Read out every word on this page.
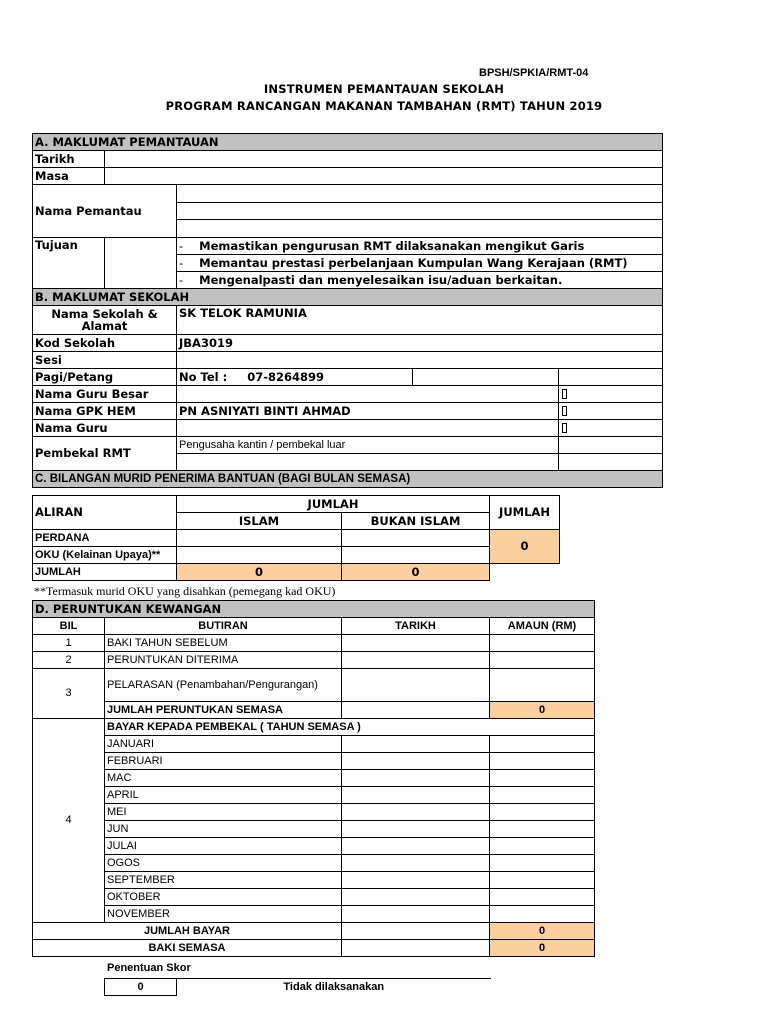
BPSH/SPKIA/RMT-04
INSTRUMEN PEMANTAUAN SEKOLAH
PROGRAM RANCANGAN MAKANAN TAMBAHAN (RMT) TAHUN 2019
A. MAKLUMAT PEMANTAUAN				
Tarikh				
Masa				
Nama Pemantau				

Tujuan		- Memastikan pengurusan RMT dilaksanakan mengikut Garis		
		- Memantau prestasi perbelanjaan Kumpulan Wang Kerajaan (RMT)		
		- Mengenalpasti dan menyelesaikan isu/aduan berkaitan.		
B. MAKLUMAT SEKOLAH				
Nama Sekolah &
Alamat		SK TELOK RAMUNIA		
Kod Sekolah		JBA3019		
Sesi				
Pagi/Petang		No Tel : 07-8264899		
Nama Guru Besar				
Nama GPK HEM		PN ASNIYATI BINTI AHMAD		
Nama Guru				
Pembekal RMT		Pengusaha kantin / pembekal luar		

C. BILANGAN MURID PENERIMA BANTUAN (BAGI BULAN SEMASA)				
ALIRAN	JUMLAH		JUMLAH
	ISLAM	BUKAN ISLAM	
PERDANA			0
OKU (Kelainan Upaya)**			
JUMLAH	0	0	
**Termasuk murid OKU yang disahkan (pemegang kad OKU)
D. PERUNTUKAN KEWANGAN			
BIL	BUTIRAN	TARIKH	AMAUN (RM)
1	BAKI TAHUN SEBELUM		
2	PERUNTUKAN DITERIMA		
3	PELARASAN (Penambahan/Pengurangan)		
	JUMLAH PERUNTUKAN SEMASA		0
4	BAYAR KEPADA PEMBEKAL ( TAHUN SEMASA )		
	JANUARI		
	FEBRUARI		
	MAC		
	APRIL		
	MEI		
	JUN		
	JULAI		
	OGOS		
	SEPTEMBER		
	OKTOBER		
	NOVEMBER		
JUMLAH BAYAR			0
BAKI SEMASA			0
Penentuan Skor
0	Tidak dilaksanakan
